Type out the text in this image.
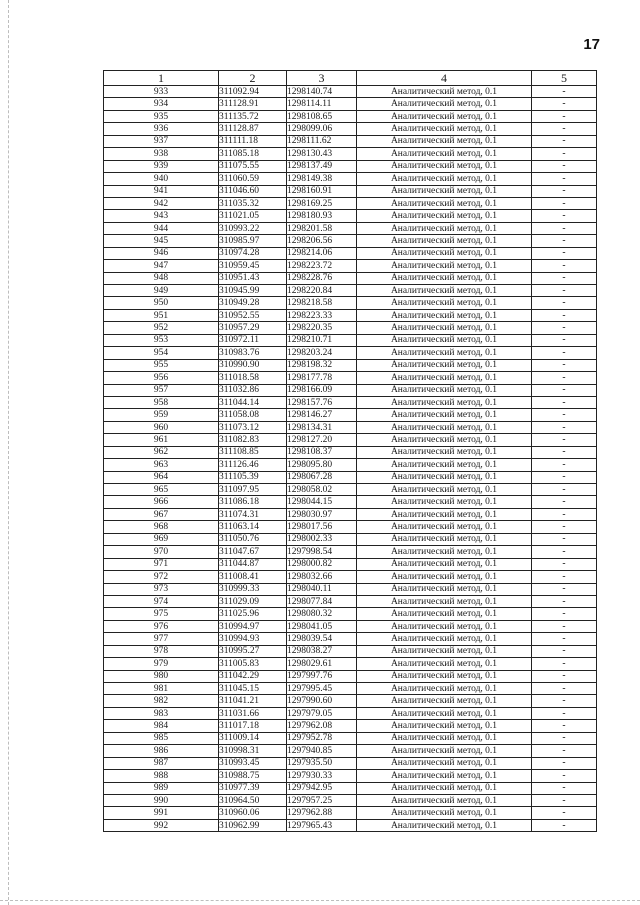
17
1	2	3	4	5
933	311092.94	1298140.74	Аналитический метод, 0.1	-
934	311128.91	1298114.11	Аналитический метод, 0.1	-
935	311135.72	1298108.65	Аналитический метод, 0.1	-
936	311128.87	1298099.06	Аналитический метод, 0.1	-
937	311111.18	1298111.62	Аналитический метод, 0.1	-
938	311085.18	1298130.43	Аналитический метод, 0.1	-
939	311075.55	1298137.49	Аналитический метод, 0.1	-
940	311060.59	1298149.38	Аналитический метод, 0.1	-
941	311046.60	1298160.91	Аналитический метод, 0.1	-
942	311035.32	1298169.25	Аналитический метод, 0.1	-
943	311021.05	1298180.93	Аналитический метод, 0.1	-
944	310993.22	1298201.58	Аналитический метод, 0.1	-
945	310985.97	1298206.56	Аналитический метод, 0.1	-
946	310974.28	1298214.06	Аналитический метод, 0.1	-
947	310959.45	1298223.72	Аналитический метод, 0.1	-
948	310951.43	1298228.76	Аналитический метод, 0.1	-
949	310945.99	1298220.84	Аналитический метод, 0.1	-
950	310949.28	1298218.58	Аналитический метод, 0.1	-
951	310952.55	1298223.33	Аналитический метод, 0.1	-
952	310957.29	1298220.35	Аналитический метод, 0.1	-
953	310972.11	1298210.71	Аналитический метод, 0.1	-
954	310983.76	1298203.24	Аналитический метод, 0.1	-
955	310990.90	1298198.32	Аналитический метод, 0.1	-
956	311018.58	1298177.78	Аналитический метод, 0.1	-
957	311032.86	1298166.09	Аналитический метод, 0.1	-
958	311044.14	1298157.76	Аналитический метод, 0.1	-
959	311058.08	1298146.27	Аналитический метод, 0.1	-
960	311073.12	1298134.31	Аналитический метод, 0.1	-
961	311082.83	1298127.20	Аналитический метод, 0.1	-
962	311108.85	1298108.37	Аналитический метод, 0.1	-
963	311126.46	1298095.80	Аналитический метод, 0.1	-
964	311105.39	1298067.28	Аналитический метод, 0.1	-
965	311097.95	1298058.02	Аналитический метод, 0.1	-
966	311086.18	1298044.15	Аналитический метод, 0.1	-
967	311074.31	1298030.97	Аналитический метод, 0.1	-
968	311063.14	1298017.56	Аналитический метод, 0.1	-
969	311050.76	1298002.33	Аналитический метод, 0.1	-
970	311047.67	1297998.54	Аналитический метод, 0.1	-
971	311044.87	1298000.82	Аналитический метод, 0.1	-
972	311008.41	1298032.66	Аналитический метод, 0.1	-
973	310999.33	1298040.11	Аналитический метод, 0.1	-
974	311029.09	1298077.84	Аналитический метод, 0.1	-
975	311025.96	1298080.32	Аналитический метод, 0.1	-
976	310994.97	1298041.05	Аналитический метод, 0.1	-
977	310994.93	1298039.54	Аналитический метод, 0.1	-
978	310995.27	1298038.27	Аналитический метод, 0.1	-
979	311005.83	1298029.61	Аналитический метод, 0.1	-
980	311042.29	1297997.76	Аналитический метод, 0.1	-
981	311045.15	1297995.45	Аналитический метод, 0.1	-
982	311041.21	1297990.60	Аналитический метод, 0.1	-
983	311031.66	1297979.05	Аналитический метод, 0.1	-
984	311017.18	1297962.08	Аналитический метод, 0.1	-
985	311009.14	1297952.78	Аналитический метод, 0.1	-
986	310998.31	1297940.85	Аналитический метод, 0.1	-
987	310993.45	1297935.50	Аналитический метод, 0.1	-
988	310988.75	1297930.33	Аналитический метод, 0.1	-
989	310977.39	1297942.95	Аналитический метод, 0.1	-
990	310964.50	1297957.25	Аналитический метод, 0.1	-
991	310960.06	1297962.88	Аналитический метод, 0.1	-
992	310962.99	1297965.43	Аналитический метод, 0.1	-
